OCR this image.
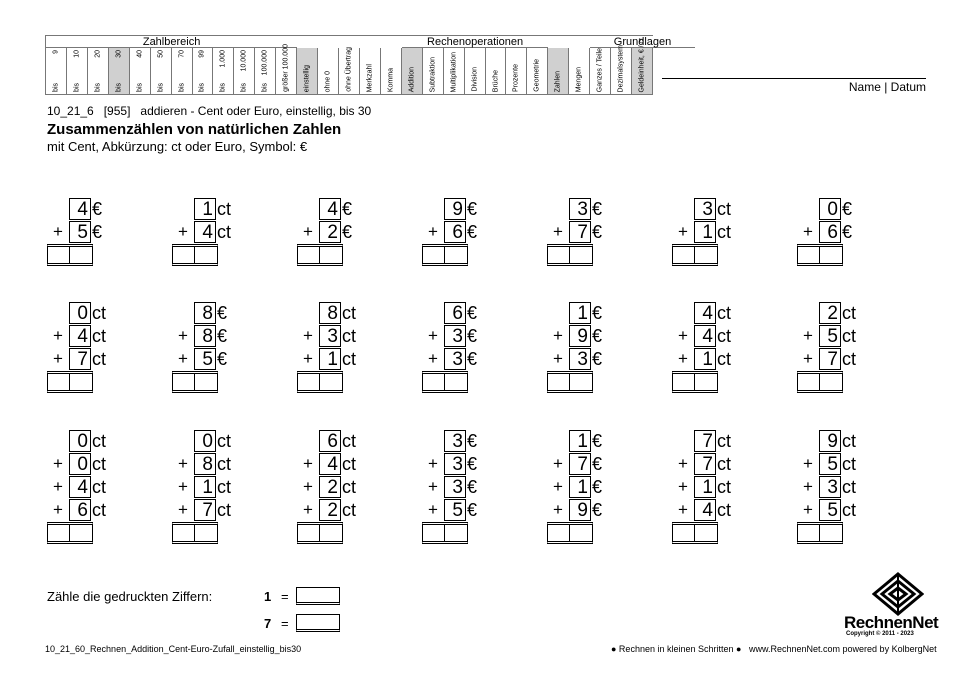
Zahlbereich	Rechenoperationen	Grundlagen
9
bis
10
bis
20
bis
30
bis
40
bis
50
bis
70
bis
99
bis
1.000
bis
10.000
bis
100.000
bis größer 100.000 einstellig ohne 0 ohne Übertrag Merkzahl Komma Addition Subtraktion Multiplikation Division Brüche Prozente Geometrie Zahlen Mengen Ganzes / Teile Dezimalsystem Geldeinheit, € / ct	Name | Datum
10_21_6   [955]   addieren - Cent oder Euro, einstellig, bis 30
Zusammenzählen von natürlichen Zahlen
mit Cent, Abkürzung: ct oder Euro, Symbol: €
4 €
+ 5 €
1 ct
+ 4 ct
4 €
+ 2 €
9 €
+ 6 €
3 €
+ 7 €
3 ct
+ 1 ct
0 €
+ 6 €
0 ct
+ 4 ct
+ 7 ct
8 €
+ 8 €
+ 5 €
8 ct
+ 3 ct
+ 1 ct
6 €
+ 3 €
+ 3 €
1 €
+ 9 €
+ 3 €
4 ct
+ 4 ct
+ 1 ct
2 ct
+ 5 ct
+ 7 ct
0 ct
+ 0 ct
+ 4 ct
+ 6 ct
0 ct
+ 8 ct
+ 1 ct
+ 7 ct
6 ct
+ 4 ct
+ 2 ct
+ 2 ct
3 €
+ 3 €
+ 3 €
+ 5 €
1 €
+ 7 €
+ 1 €
+ 9 €
7 ct
+ 7 ct
+ 1 ct
+ 4 ct
9 ct
+ 5 ct
+ 3 ct
+ 5 ct
Zähle die gedruckten Ziffern:	1 =
7 =	RechnenNet
Copyright © 2011 - 2023
10_21_60_Rechnen_Addition_Cent-Euro-Zufall_einstellig_bis30	● Rechnen in kleinen Schritten ● www.RechnenNet.com powered by KolbergNet
